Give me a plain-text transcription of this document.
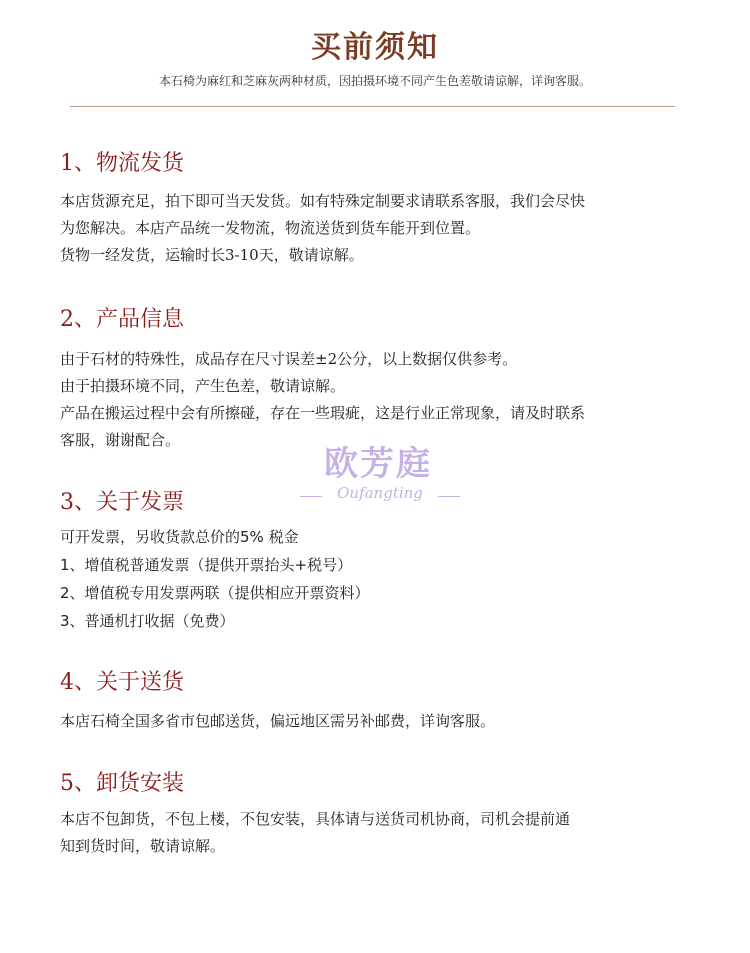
买前须知
本石椅为麻红和芝麻灰两种材质，因拍摄环境不同产生色差敬请谅解，详询客服。
1、物流发货
本店货源充足，拍下即可当天发货。如有特殊定制要求请联系客服，我们会尽快
为您解决。本店产品统一发物流，物流送货到货车能开到位置。
货物一经发货，运输时长3-10天，敬请谅解。
2、产品信息
由于石材的特殊性，成品存在尺寸误差±2公分，以上数据仅供参考。
由于拍摄环境不同，产生色差，敬请谅解。
产品在搬运过程中会有所擦碰，存在一些瑕疵，这是行业正常现象，请及时联系
客服，谢谢配合。
欧芳庭
Oufangting
3、关于发票
可开发票，另收货款总价的5% 税金
1、增值税普通发票（提供开票抬头+税号）
2、增值税专用发票两联（提供相应开票资料）
3、普通机打收据（免费）
4、关于送货
本店石椅全国多省市包邮送货，偏远地区需另补邮费，详询客服。
5、卸货安装
本店不包卸货，不包上楼，不包安装，具体请与送货司机协商，司机会提前通
知到货时间，敬请谅解。
